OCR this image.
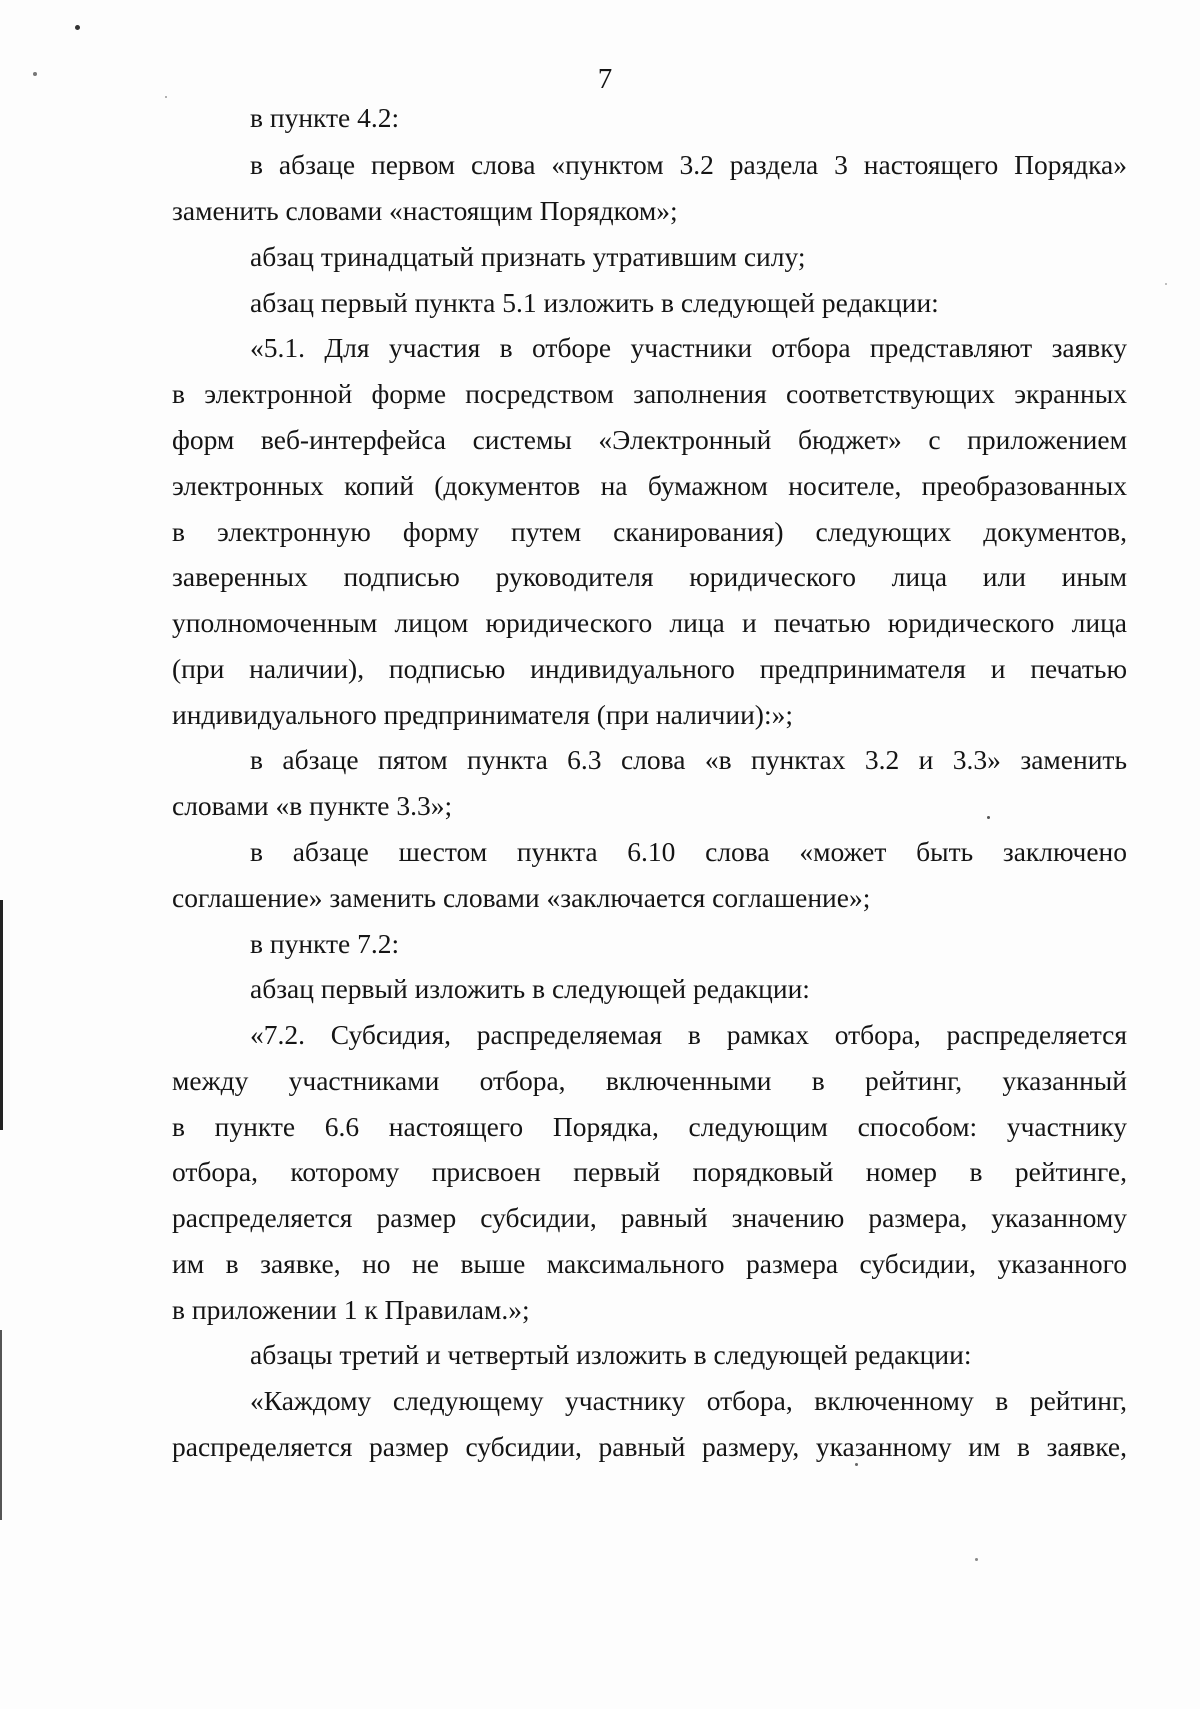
7

в пункте 4.2:

в абзаце первом слова «пунктом 3.2 раздела 3 настоящего Порядка»

заменить словами «настоящим Порядком»;

абзац тринадцатый признать утратившим силу;

абзац первый пункта 5.1 изложить в следующей редакции:

«5.1. Для участия в отборе участники отбора представляют заявку

в электронной форме посредством заполнения соответствующих экранных

форм веб-интерфейса системы «Электронный бюджет» с приложением

электронных копий (документов на бумажном носителе, преобразованных

в электронную форму путем сканирования) следующих документов,

заверенных подписью руководителя юридического лица или иным

уполномоченным лицом юридического лица и печатью юридического лица

(при наличии), подписью индивидуального предпринимателя и печатью

индивидуального предпринимателя (при наличии):»;

в абзаце пятом пункта 6.3 слова «в пунктах 3.2 и 3.3» заменить

словами «в пункте 3.3»;

в абзаце шестом пункта 6.10 слова «может быть заключено

соглашение» заменить словами «заключается соглашение»;

в пункте 7.2:

абзац первый изложить в следующей редакции:

«7.2. Субсидия, распределяемая в рамках отбора, распределяется

между участниками отбора, включенными в рейтинг, указанный

в пункте 6.6 настоящего Порядка, следующим способом: участнику

отбора, которому присвоен первый порядковый номер в рейтинге,

распределяется размер субсидии, равный значению размера, указанному

им в заявке, но не выше максимального размера субсидии, указанного

в приложении 1 к Правилам.»;

абзацы третий и четвертый изложить в следующей редакции:

«Каждому следующему участнику отбора, включенному в рейтинг,

распределяется размер субсидии, равный размеру, указанному им в заявке,
